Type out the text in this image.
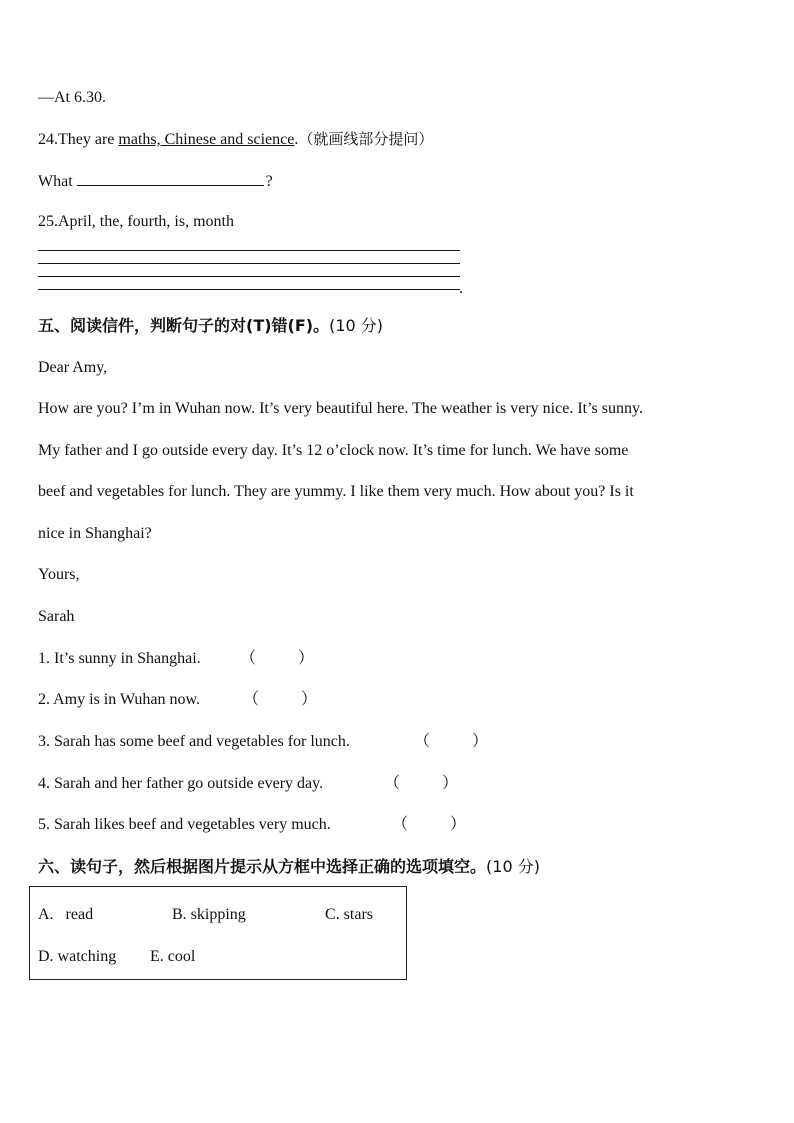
—At 6.30.
24.They are maths, Chinese and science.（就画线部分提问）
What	?
25.April, the, fourth, is, month
.
五、阅读信件，判断句子的对(T)错(F)。(10 分)
Dear Amy,
How are you? I’m in Wuhan now. It’s very beautiful here. The weather is very nice. It’s sunny.
My father and I go outside every day. It’s 12 o’clock now. It’s time for lunch. We have some
beef and vegetables for lunch. They are yummy. I like them very much. How about you? Is it
nice in Shanghai?
Yours,
Sarah
1. It’s sunny in Shanghai. （	）
2. Amy is in Wuhan now.	（	）
3. Sarah has some beef and vegetables for lunch.	（	）
4. Sarah and her father go outside every day.	（	）
5. Sarah likes beef and vegetables very much.	（	）
六、读句子，然后根据图片提示从方框中选择正确的选项填空。(10 分)
A.   read	B. skipping	C. stars
D. watching E. cool
